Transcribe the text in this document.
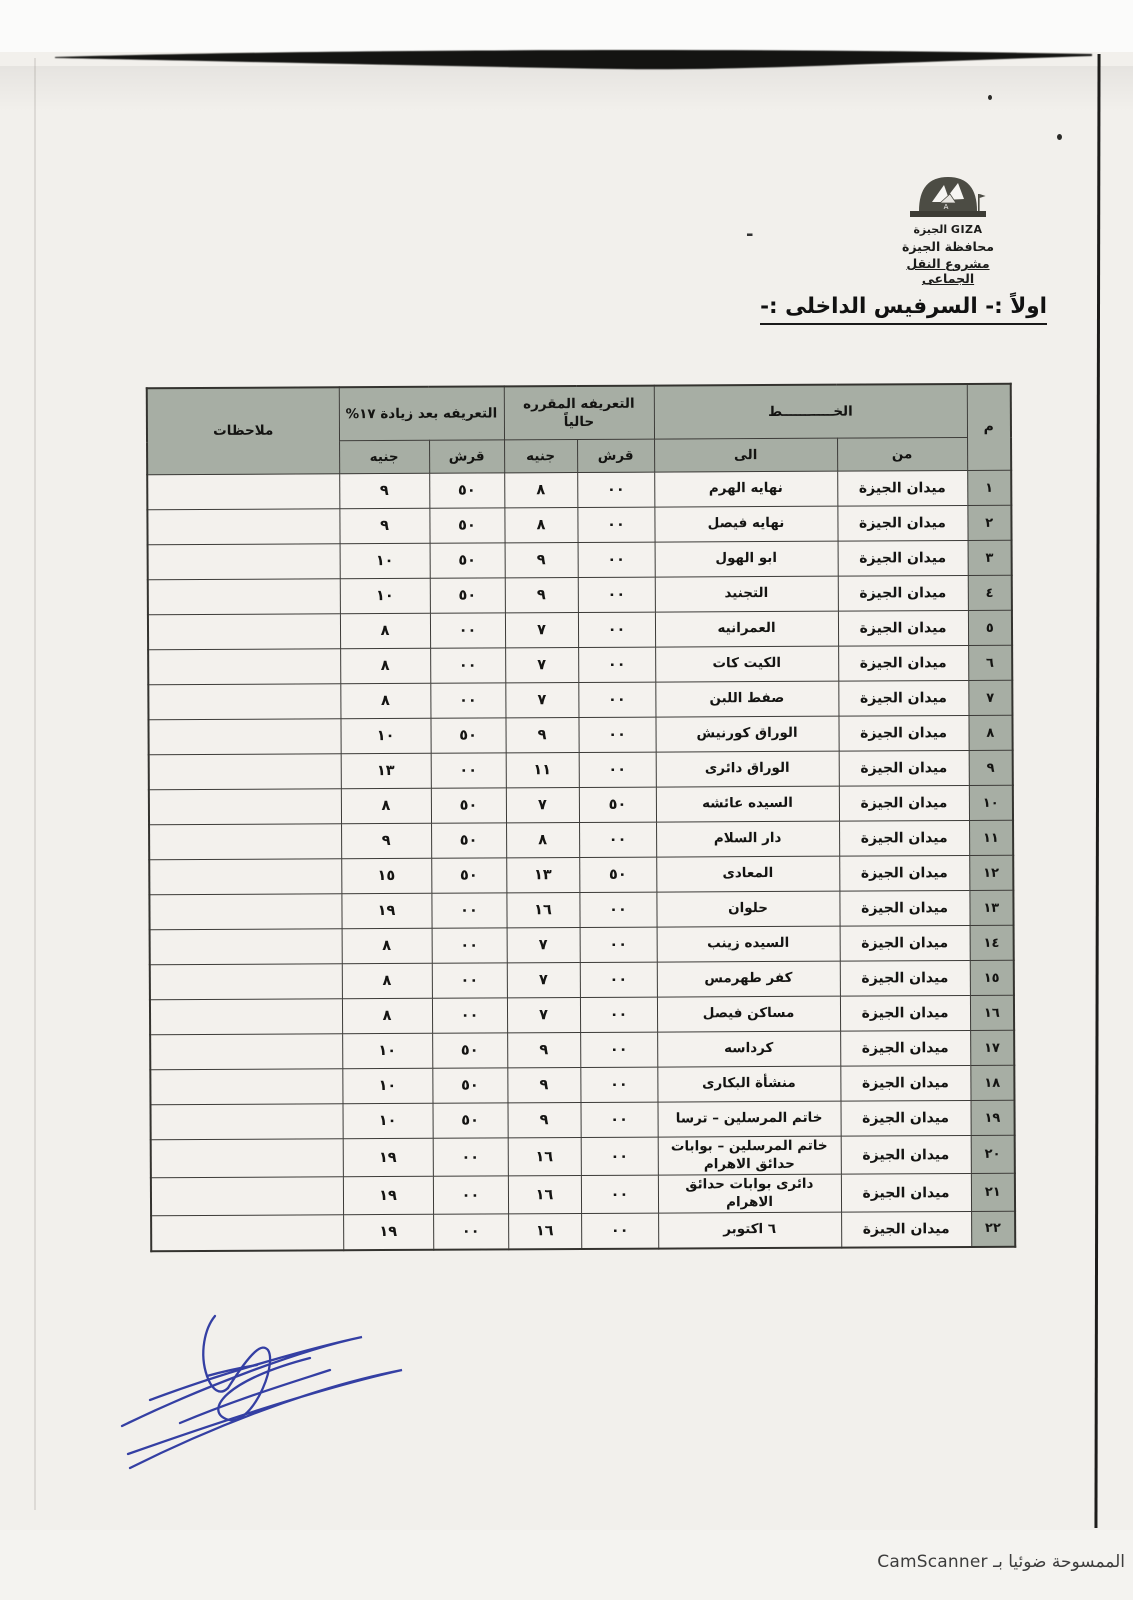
A
الجيزة GIZA
محافظة الجيزة
مشروع النقل الجماعى
-
اولاً :- السرفيس الداخلى :-
م	الخـــــــــــط		التعريفه المقرره حالياً		التعريفه بعد زيادة ١٧%		ملاحظات
	من	الى	قرش	جنيه	قرش	جنيه	
١	ميدان الجيزة	نهايه الهرم	٠٠	٨	٥٠	٩	
٢	ميدان الجيزة	نهايه فيصل	٠٠	٨	٥٠	٩	
٣	ميدان الجيزة	ابو الهول	٠٠	٩	٥٠	١٠	
٤	ميدان الجيزة	التجنيد	٠٠	٩	٥٠	١٠	
٥	ميدان الجيزة	العمرانيه	٠٠	٧	٠٠	٨	
٦	ميدان الجيزة	الكيت كات	٠٠	٧	٠٠	٨	
٧	ميدان الجيزة	صفط اللبن	٠٠	٧	٠٠	٨	
٨	ميدان الجيزة	الوراق كورنيش	٠٠	٩	٥٠	١٠	
٩	ميدان الجيزة	الوراق دائرى	٠٠	١١	٠٠	١٣	
١٠	ميدان الجيزة	السيده عائشه	٥٠	٧	٥٠	٨	
١١	ميدان الجيزة	دار السلام	٠٠	٨	٥٠	٩	
١٢	ميدان الجيزة	المعادى	٥٠	١٣	٥٠	١٥	
١٣	ميدان الجيزة	حلوان	٠٠	١٦	٠٠	١٩	
١٤	ميدان الجيزة	السيده زينب	٠٠	٧	٠٠	٨	
١٥	ميدان الجيزة	كفر طهرمس	٠٠	٧	٠٠	٨	
١٦	ميدان الجيزة	مساكن فيصل	٠٠	٧	٠٠	٨	
١٧	ميدان الجيزة	كرداسه	٠٠	٩	٥٠	١٠	
١٨	ميدان الجيزة	منشأة البكارى	٠٠	٩	٥٠	١٠	
١٩	ميدان الجيزة	خاتم المرسلين – ترسا	٠٠	٩	٥٠	١٠	
٢٠	ميدان الجيزة	خاتم المرسلين – بوابات حدائق الاهرام	٠٠	١٦	٠٠	١٩	
٢١	ميدان الجيزة	دائرى بوابات حدائق الاهرام	٠٠	١٦	٠٠	١٩	
٢٢	ميدان الجيزة	٦ اكتوبر	٠٠	١٦	٠٠	١٩	
الممسوحة ضوئيا بـ CamScanner
